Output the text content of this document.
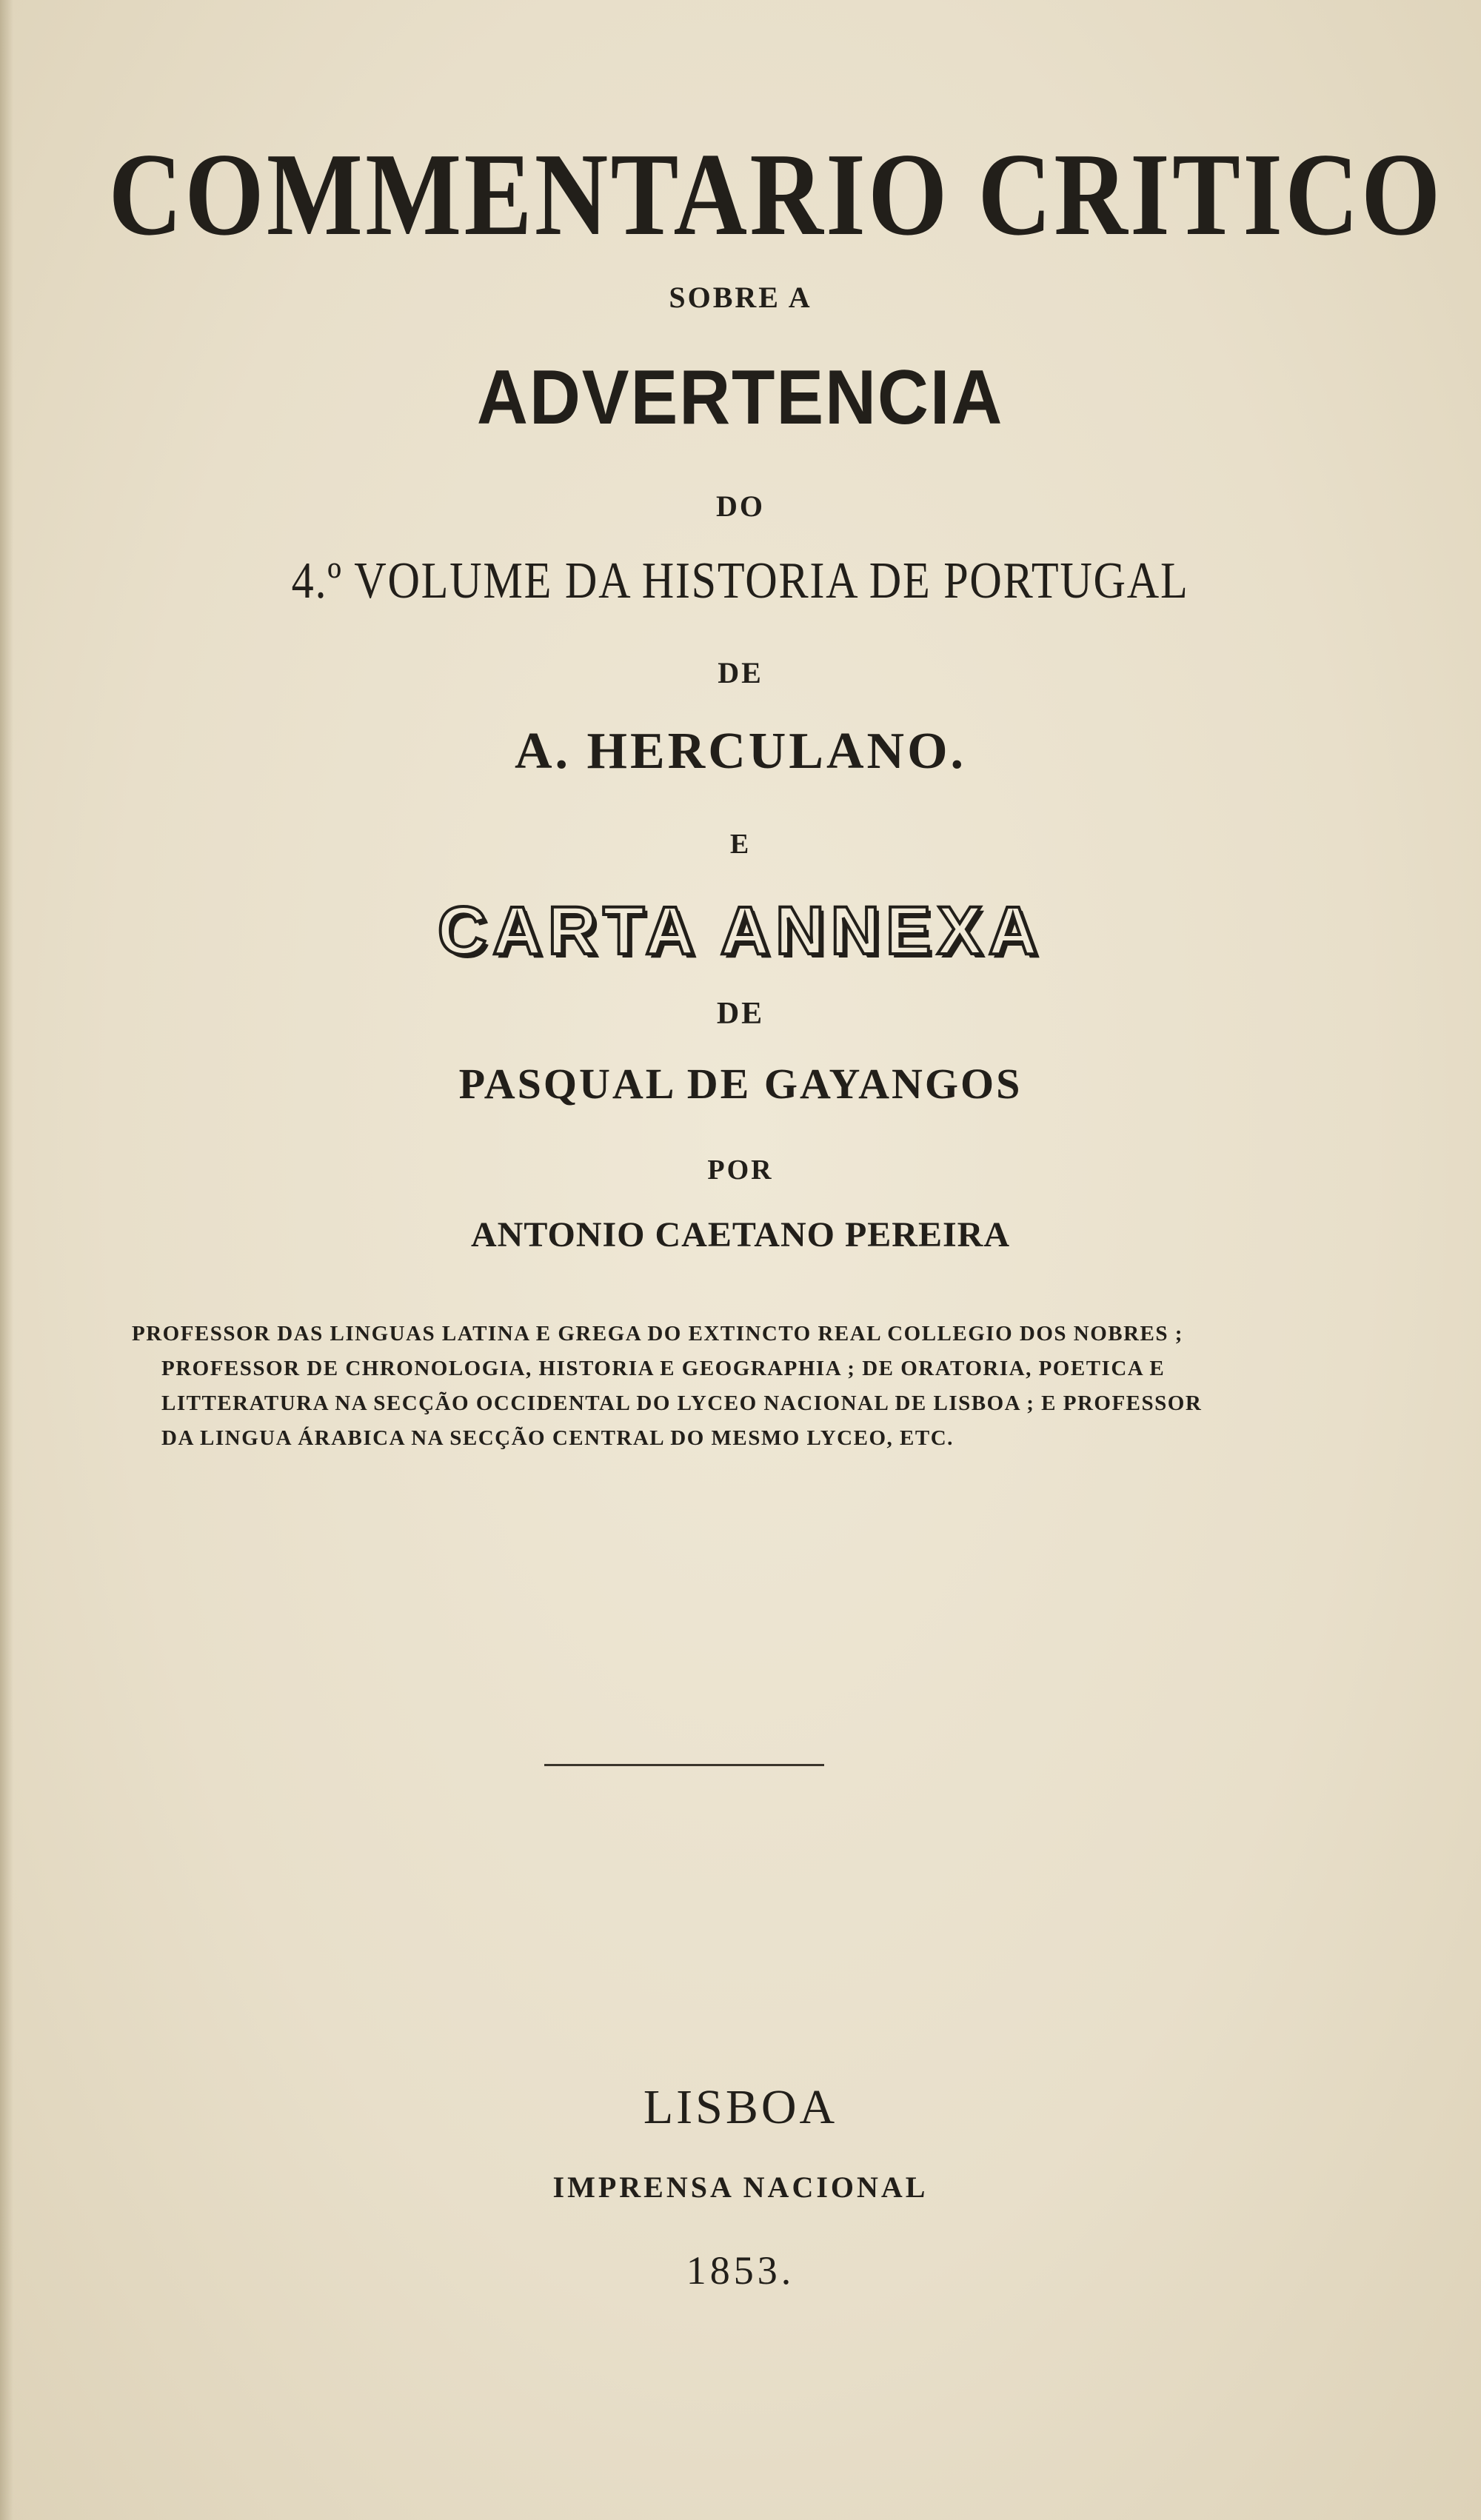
COMMENTARIO CRITICO
SOBRE A
ADVERTENCIA
DO
4.º VOLUME DA HISTORIA DE PORTUGAL
DE
A. HERCULANO.
E
CARTA ANNEXA
DE
PASQUAL DE GAYANGOS
POR
ANTONIO CAETANO PEREIRA
PROFESSOR DAS LINGUAS LATINA E GREGA DO EXTINCTO REAL COLLEGIO DOS NOBRES ;
PROFESSOR DE CHRONOLOGIA, HISTORIA E GEOGRAPHIA ; DE ORATORIA, POETICA E
LITTERATURA NA SECÇÃO OCCIDENTAL DO LYCEO NACIONAL DE LISBOA ; E PROFESSOR
DA LINGUA ÁRABICA NA SECÇÃO CENTRAL DO MESMO LYCEO, ETC.
LISBOA
IMPRENSA NACIONAL
1853.
